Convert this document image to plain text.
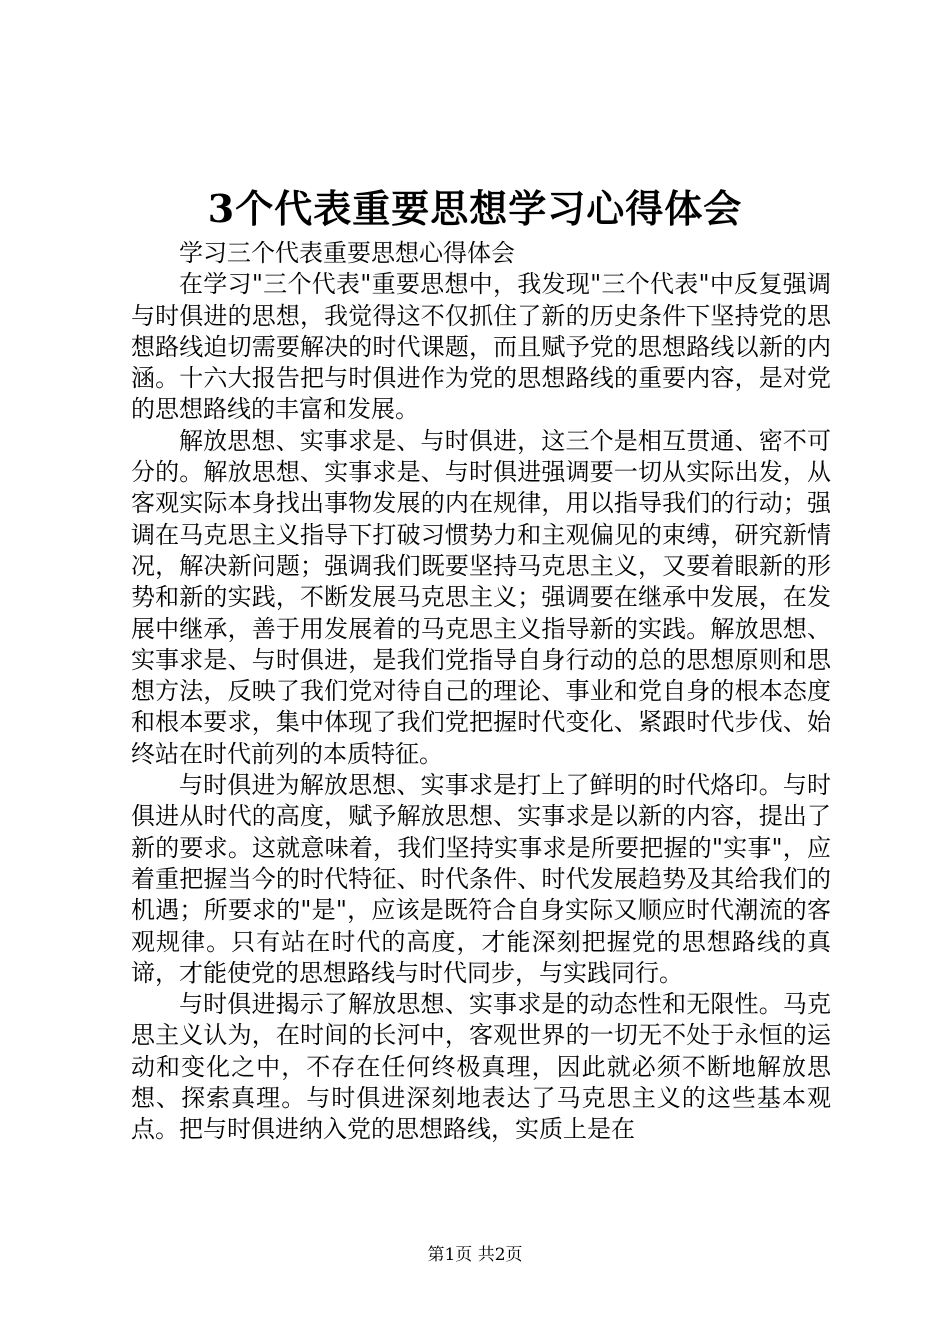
3个代表重要思想学习心得体会

学习三个代表重要思想心得体会

在学习"三个代表"重要思想中，我发现"三个代表"中反复强调与时俱进的思想，我觉得这不仅抓住了新的历史条件下坚持党的思想路线迫切需要解决的时代课题，而且赋予党的思想路线以新的内涵。十六大报告把与时俱进作为党的思想路线的重要内容，是对党的思想路线的丰富和发展。

解放思想、实事求是、与时俱进，这三个是相互贯通、密不可分的。解放思想、实事求是、与时俱进强调要一切从实际出发，从客观实际本身找出事物发展的内在规律，用以指导我们的行动；强调在马克思主义指导下打破习惯势力和主观偏见的束缚，研究新情况，解决新问题；强调我们既要坚持马克思主义，又要着眼新的形势和新的实践，不断发展马克思主义；强调要在继承中发展，在发展中继承，善于用发展着的马克思主义指导新的实践。解放思想、实事求是、与时俱进，是我们党指导自身行动的总的思想原则和思想方法，反映了我们党对待自己的理论、事业和党自身的根本态度和根本要求，集中体现了我们党把握时代变化、紧跟时代步伐、始终站在时代前列的本质特征。

与时俱进为解放思想、实事求是打上了鲜明的时代烙印。与时俱进从时代的高度，赋予解放思想、实事求是以新的内容，提出了新的要求。这就意味着，我们坚持实事求是所要把握的"实事"，应着重把握当今的时代特征、时代条件、时代发展趋势及其给我们的机遇；所要求的"是"，应该是既符合自身实际又顺应时代潮流的客观规律。只有站在时代的高度，才能深刻把握党的思想路线的真谛，才能使党的思想路线与时代同步，与实践同行。

与时俱进揭示了解放思想、实事求是的动态性和无限性。马克思主义认为，在时间的长河中，客观世界的一切无不处于永恒的运动和变化之中，不存在任何终极真理，因此就必须不断地解放思想、探索真理。与时俱进深刻地表达了马克思主义的这些基本观点。把与时俱进纳入党的思想路线，实质上是在

第1页 共2页
